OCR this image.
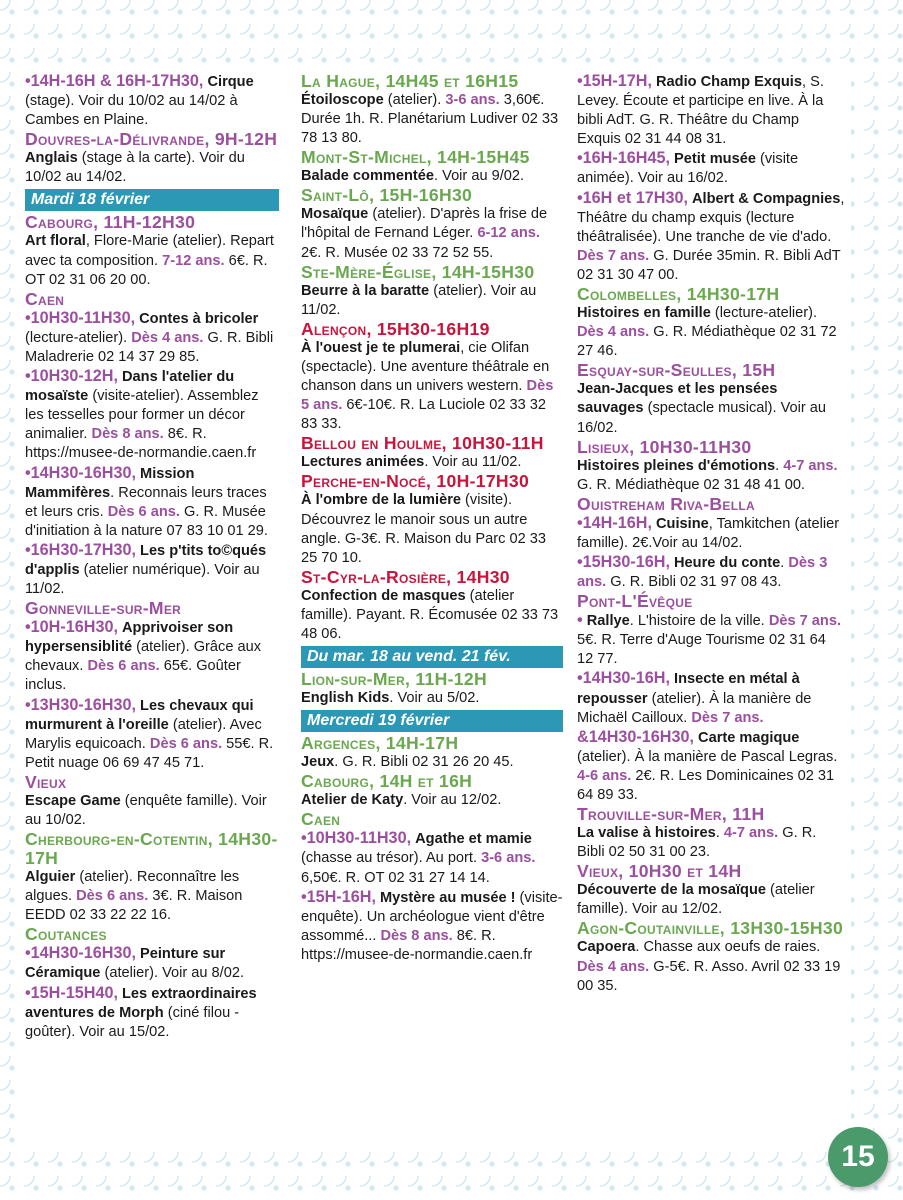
•14H-16H & 16H-17H30, Cirque (stage). Voir du 10/02 au 14/02 à Cambes en Plaine.

Douvres-la-Délivrande, 9H-12H

Anglais (stage à la carte). Voir du 10/02 au 14/02.

Mardi 18 février

Cabourg, 11H-12H30

Art floral, Flore-Marie (atelier). Repart avec ta composition. 7-12 ans. 6€. R. OT 02 31 06 20 00.

Caen

•10H30-11H30, Contes à bricoler (lecture-atelier). Dès 4 ans. G. R. Bibli Maladrerie 02 14 37 29 85.

•10H30-12H, Dans l'atelier du mosaïste (visite-atelier). Assemblez les tesselles pour former un décor animalier. Dès 8 ans. 8€. R. https://musee-de-normandie.caen.fr

•14H30-16H30, Mission Mammifères. Reconnais leurs traces et leurs cris. Dès 6 ans. G. R. Musée d'initiation à la nature 07 83 10 01 29.

•16H30-17H30, Les p'tits to©qués d'applis (atelier numérique). Voir au 11/02.

Gonneville-sur-Mer

•10H-16H30, Apprivoiser son hypersensiblité (atelier). Grâce aux chevaux. Dès 6 ans. 65€. Goûter inclus.

•13H30-16H30, Les chevaux qui murmurent à l'oreille (atelier). Avec Marylis equicoach. Dès 6 ans. 55€. R. Petit nuage 06 69 47 45 71.

Vieux

Escape Game (enquête famille). Voir au 10/02.

Cherbourg-en-Cotentin, 14H30-17H

Alguier (atelier). Reconnaître les algues. Dès 6 ans. 3€. R. Maison EEDD 02 33 22 22 16.

Coutances

•14H30-16H30, Peinture sur Céramique (atelier). Voir au 8/02.

•15H-15H40, Les extraordinaires aventures de Morph (ciné filou - goûter). Voir au 15/02.

La Hague, 14H45 et 16H15

Étoiloscope (atelier). 3-6 ans. 3,60€. Durée 1h. R. Planétarium Ludiver 02 33 78 13 80.

Mont-St-Michel, 14H-15H45

Balade commentée. Voir au 9/02.

Saint-Lô, 15H-16H30

Mosaïque (atelier). D'après la frise de l'hôpital de Fernand Léger. 6-12 ans. 2€. R. Musée 02 33 72 52 55.

Ste-Mère-Église, 14H-15H30

Beurre à la baratte (atelier). Voir au 11/02.

Alençon, 15H30-16H19

À l'ouest je te plumerai, cie Olifan (spectacle). Une aventure théâtrale en chanson dans un univers western. Dès 5 ans. 6€-10€. R. La Luciole 02 33 32 83 33.

Bellou en Houlme, 10H30-11H

Lectures animées. Voir au 11/02.

Perche-en-Nocé, 10H-17H30

À l'ombre de la lumière (visite). Découvrez le manoir sous un autre angle. G-3€. R. Maison du Parc 02 33 25 70 10.

St-Cyr-la-Rosière, 14H30

Confection de masques (atelier famille). Payant. R. Écomusée 02 33 73 48 06.

Du mar. 18 au vend. 21 fév.

Lion-sur-Mer, 11H-12H

English Kids. Voir au 5/02.

Mercredi 19 février

Argences, 14H-17H

Jeux. G. R. Bibli 02 31 26 20 45.

Cabourg, 14H et 16H

Atelier de Katy. Voir au 12/02.

Caen

•10H30-11H30, Agathe et mamie (chasse au trésor). Au port. 3-6 ans. 6,50€. R. OT 02 31 27 14 14.

•15H-16H, Mystère au musée ! (visite-enquête). Un archéologue vient d'être assommé... Dès 8 ans. 8€. R. https://musee-de-normandie.caen.fr

•15H-17H, Radio Champ Exquis, S. Levey. Écoute et participe en live. À la bibli AdT. G. R. Théâtre du Champ Exquis 02 31 44 08 31.

•16H-16H45, Petit musée (visite animée). Voir au 16/02.

•16H et 17H30, Albert & Compagnies, Théâtre du champ exquis (lecture théâtralisée). Une tranche de vie d'ado. Dès 7 ans. G. Durée 35min. R. Bibli AdT 02 31 30 47 00.

Colombelles, 14H30-17H

Histoires en famille (lecture-atelier). Dès 4 ans. G. R. Médiathèque 02 31 72 27 46.

Esquay-sur-Seulles, 15H

Jean-Jacques et les pensées sauvages (spectacle musical). Voir au 16/02.

Lisieux, 10H30-11H30

Histoires pleines d'émotions. 4-7 ans. G. R. Médiathèque 02 31 48 41 00.

Ouistreham Riva-Bella

•14H-16H, Cuisine, Tamkitchen (atelier famille). 2€.Voir au 14/02.

•15H30-16H, Heure du conte. Dès 3 ans. G. R. Bibli 02 31 97 08 43.

Pont-L'Évêque

• Rallye. L'histoire de la ville. Dès 7 ans. 5€. R. Terre d'Auge Tourisme 02 31 64 12 77.

•14H30-16H, Insecte en métal à repousser (atelier). À la manière de Michaël Cailloux. Dès 7 ans.

&14H30-16H30, Carte magique (atelier). À la manière de Pascal Legras. 4-6 ans. 2€. R. Les Dominicaines 02 31 64 89 33.

Trouville-sur-Mer, 11H

La valise à histoires. 4-7 ans. G. R. Bibli 02 50 31 00 23.

Vieux, 10H30 et 14H

Découverte de la mosaïque (atelier famille). Voir au 12/02.

Agon-Coutainville, 13H30-15H30

Capoera. Chasse aux oeufs de raies. Dès 4 ans. G-5€. R. Asso. Avril 02 33 19 00 35.

15
